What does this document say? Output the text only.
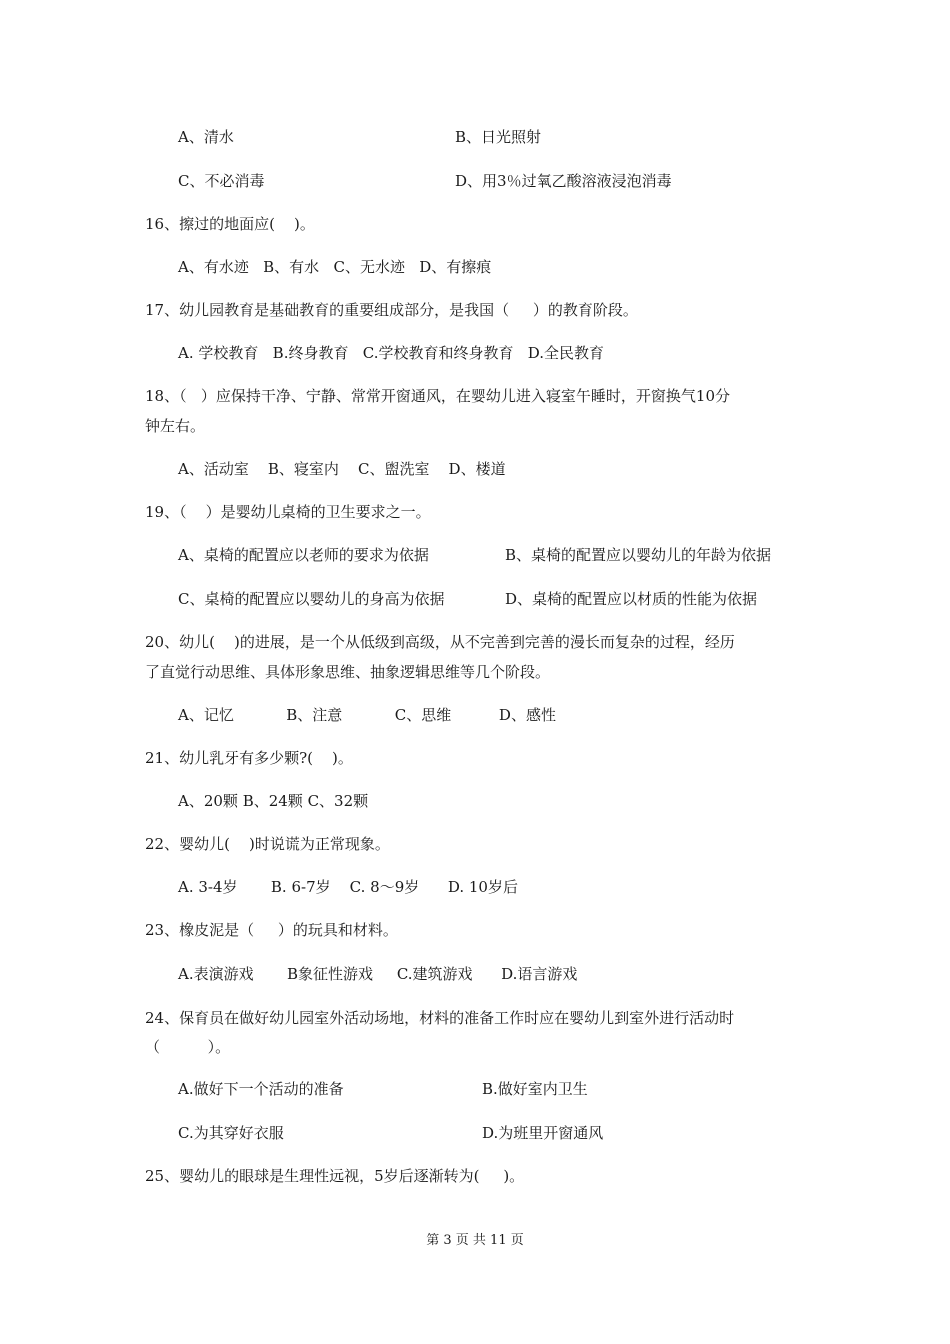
A、清水	B、日光照射
C、不必消毒	D、用3％过氧乙酸溶液浸泡消毒
16、擦过的地面应(    )。
A、有水迹   B、有水   C、无水迹   D、有擦痕
17、幼儿园教育是基础教育的重要组成部分，是我国（     ）的教育阶段。
A. 学校教育   B.终身教育   C.学校教育和终身教育   D.全民教育
18、（   ）应保持干净、宁静、常常开窗通风，在婴幼儿进入寝室午睡时，开窗换气10分
钟左右。
A、活动室    B、寝室内    C、盥洗室    D、楼道
19、（    ）是婴幼儿桌椅的卫生要求之一。
A、桌椅的配置应以老师的要求为依据	B、桌椅的配置应以婴幼儿的年龄为依据
C、桌椅的配置应以婴幼儿的身高为依据	D、桌椅的配置应以材质的性能为依据
20、幼儿(    )的进展，是一个从低级到高级，从不完善到完善的漫长而复杂的过程，经历
了直觉行动思维、具体形象思维、抽象逻辑思维等几个阶段。
A、记忆           B、注意           C、思维          D、感性
21、幼儿乳牙有多少颗?(    )。
A、20颗 B、24颗 C、32颗
22、婴幼儿(    )时说谎为正常现象。
A. 3-4岁       B. 6-7岁    C. 8～9岁      D. 10岁后
23、橡皮泥是（     ）的玩具和材料。
A.表演游戏       B象征性游戏     C.建筑游戏      D.语言游戏
24、保育员在做好幼儿园室外活动场地，材料的准备工作时应在婴幼儿到室外进行活动时
（          ）。
A.做好下一个活动的准备	B.做好室内卫生
C.为其穿好衣服	D.为班里开窗通风
25、婴幼儿的眼球是生理性远视，5岁后逐渐转为(     )。
第 3 页 共 11 页
